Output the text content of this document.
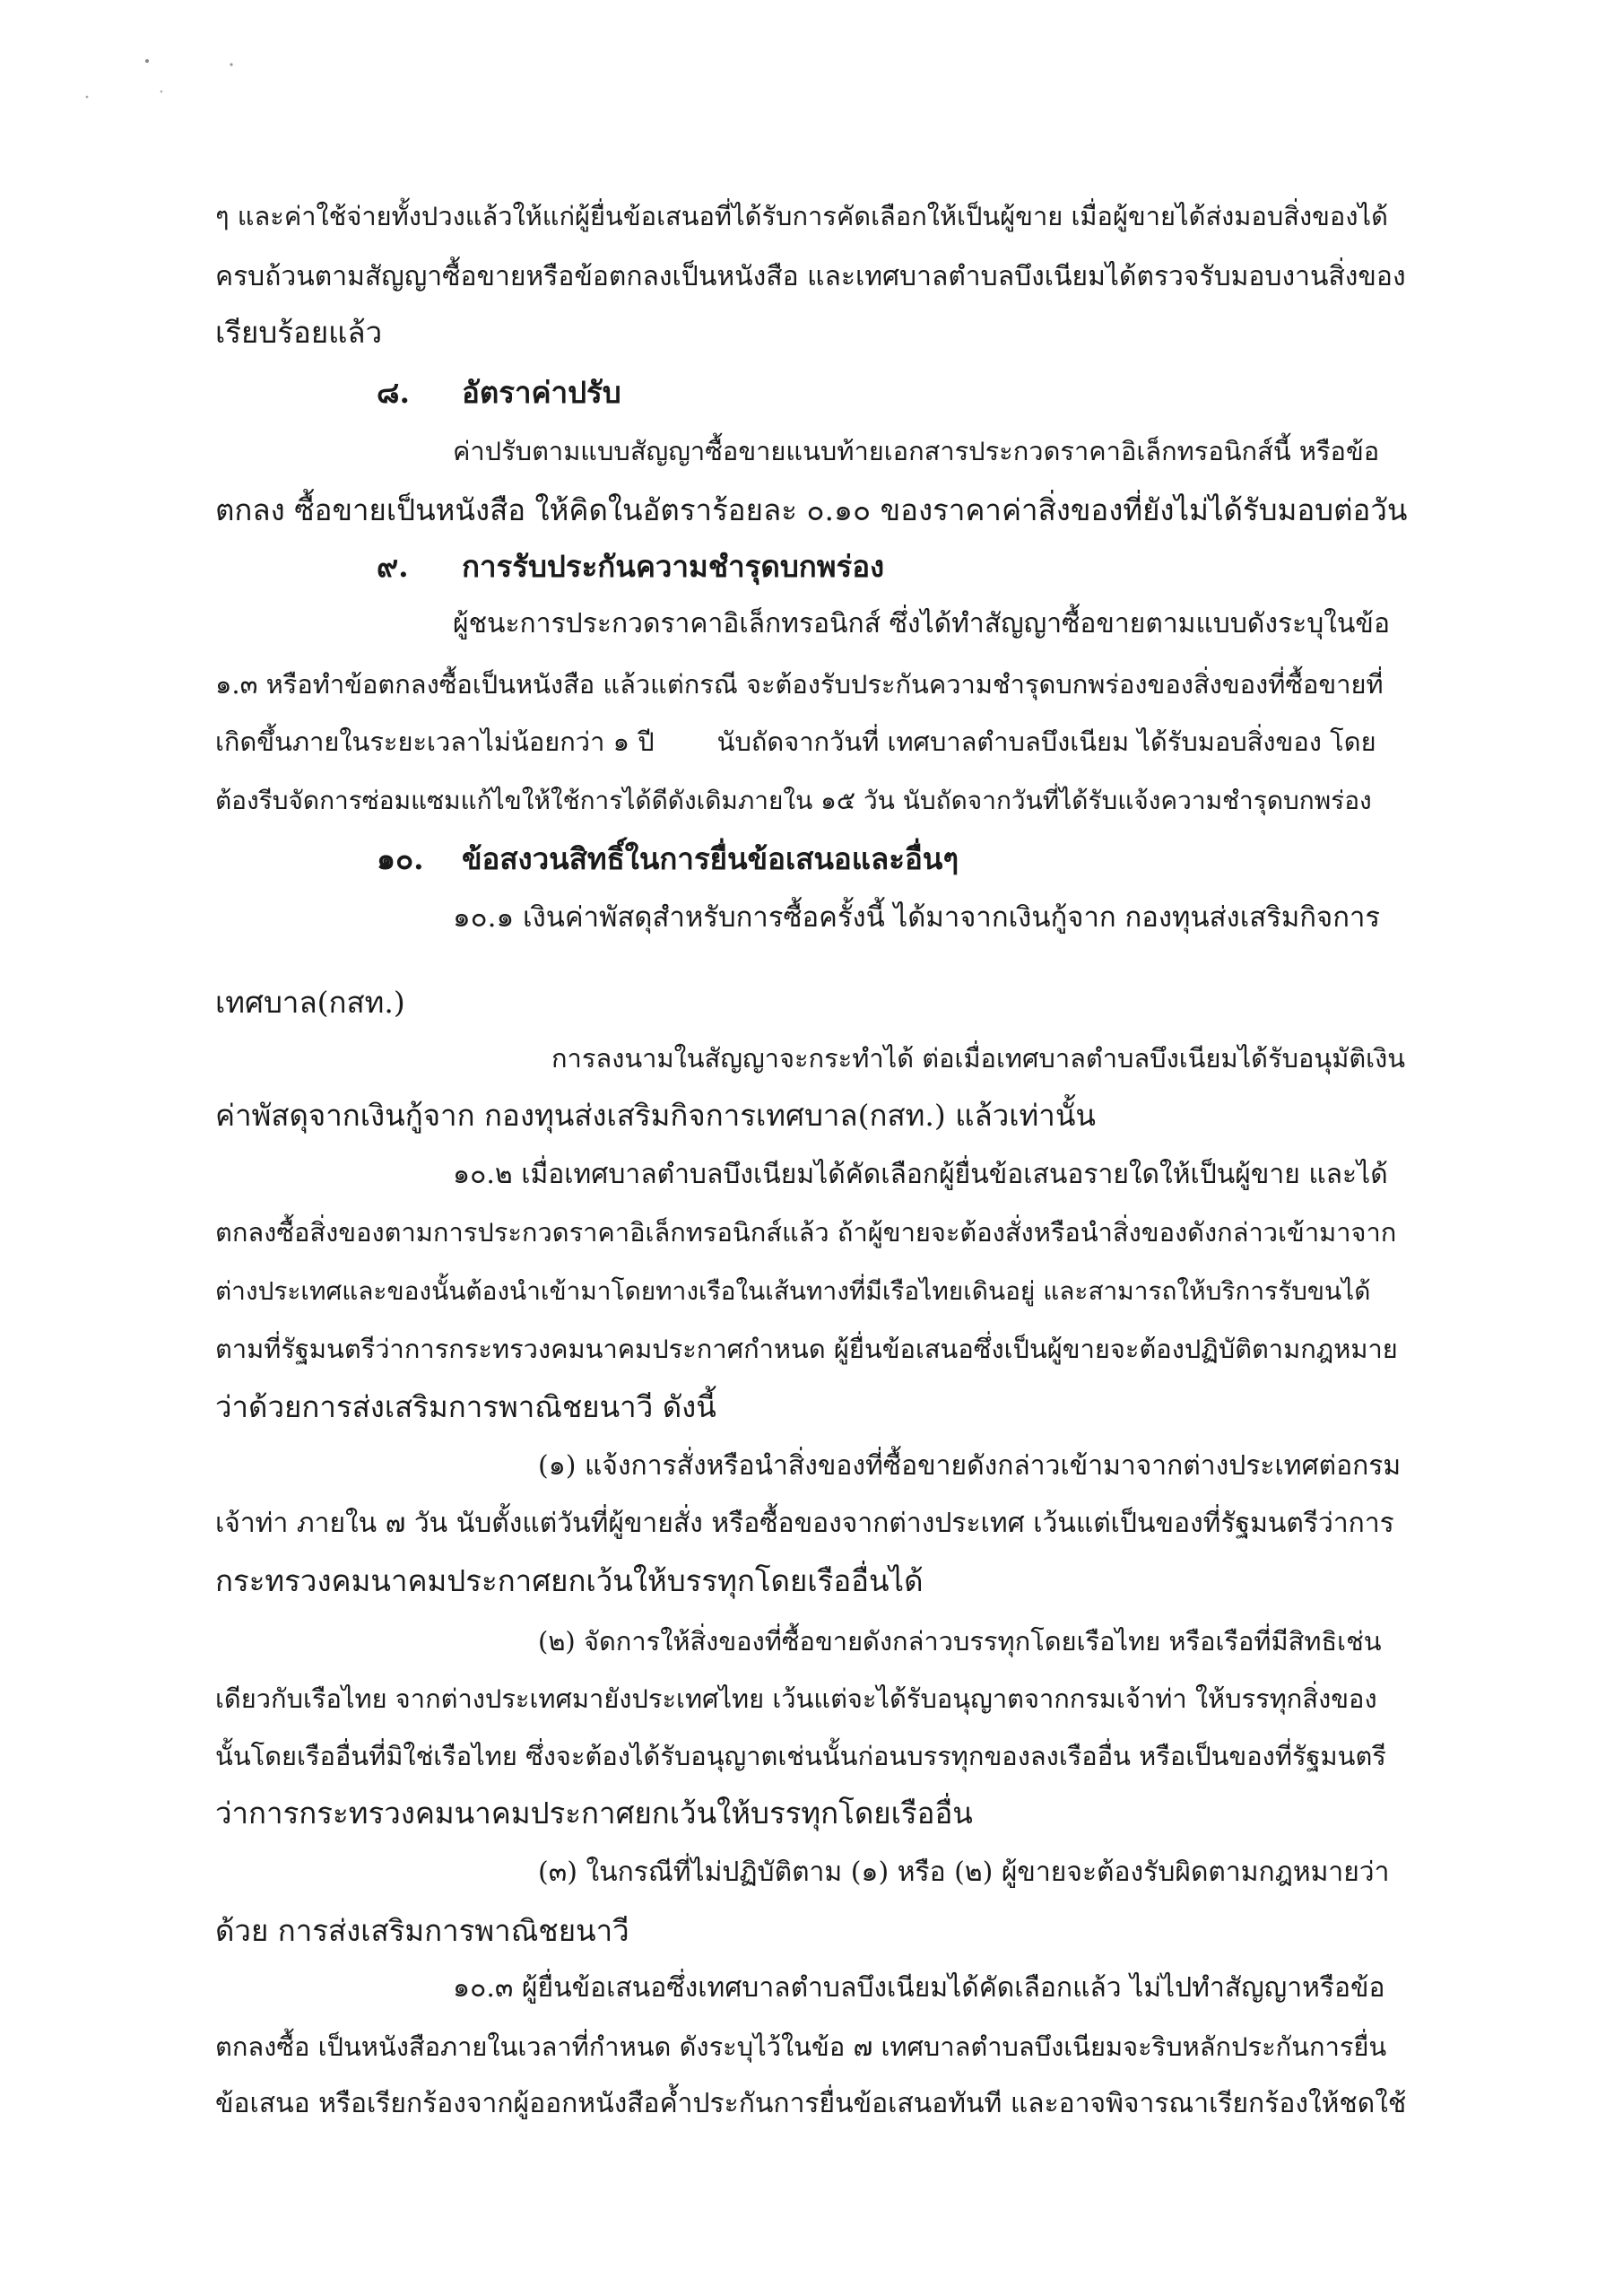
ๆ และค่าใช้จ่ายทั้งปวงแล้วให้แก่ผู้ยื่นข้อเสนอที่ได้รับการคัดเลือกให้เป็นผู้ขาย เมื่อผู้ขายได้ส่งมอบสิ่งของได้
ครบถ้วนตามสัญญาซื้อขายหรือข้อตกลงเป็นหนังสือ และเทศบาลตำบลบึงเนียมได้ตรวจรับมอบงานสิ่งของ
เรียบร้อยแล้ว
๘. อัตราค่าปรับ
ค่าปรับตามแบบสัญญาซื้อขายแนบท้ายเอกสารประกวดราคาอิเล็กทรอนิกส์นี้ หรือข้อ
ตกลง ซื้อขายเป็นหนังสือ ให้คิดในอัตราร้อยละ ๐.๑๐ ของราคาค่าสิ่งของที่ยังไม่ได้รับมอบต่อวัน
๙. การรับประกันความชำรุดบกพร่อง
ผู้ชนะการประกวดราคาอิเล็กทรอนิกส์ ซึ่งได้ทำสัญญาซื้อขายตามแบบดังระบุในข้อ
๑.๓ หรือทำข้อตกลงซื้อเป็นหนังสือ แล้วแต่กรณี จะต้องรับประกันความชำรุดบกพร่องของสิ่งของที่ซื้อขายที่
เกิดขึ้นภายในระยะเวลาไม่น้อยกว่า ๑ ปี นับถัดจากวันที่ เทศบาลตำบลบึงเนียม ได้รับมอบสิ่งของ โดย
ต้องรีบจัดการซ่อมแซมแก้ไขให้ใช้การได้ดีดังเดิมภายใน ๑๕ วัน นับถัดจากวันที่ได้รับแจ้งความชำรุดบกพร่อง
๑๐. ข้อสงวนสิทธิ์ในการยื่นข้อเสนอและอื่นๆ
๑๐.๑ เงินค่าพัสดุสำหรับการซื้อครั้งนี้ ได้มาจากเงินกู้จาก กองทุนส่งเสริมกิจการ
เทศบาล(กสท.)
การลงนามในสัญญาจะกระทำได้ ต่อเมื่อเทศบาลตำบลบึงเนียมได้รับอนุมัติเงิน
ค่าพัสดุจากเงินกู้จาก กองทุนส่งเสริมกิจการเทศบาล(กสท.) แล้วเท่านั้น
๑๐.๒ เมื่อเทศบาลตำบลบึงเนียมได้คัดเลือกผู้ยื่นข้อเสนอรายใดให้เป็นผู้ขาย และได้
ตกลงซื้อสิ่งของตามการประกวดราคาอิเล็กทรอนิกส์แล้ว ถ้าผู้ขายจะต้องสั่งหรือนำสิ่งของดังกล่าวเข้ามาจาก
ต่างประเทศและของนั้นต้องนำเข้ามาโดยทางเรือในเส้นทางที่มีเรือไทยเดินอยู่ และสามารถให้บริการรับขนได้
ตามที่รัฐมนตรีว่าการกระทรวงคมนาคมประกาศกำหนด ผู้ยื่นข้อเสนอซึ่งเป็นผู้ขายจะต้องปฏิบัติตามกฎหมาย
ว่าด้วยการส่งเสริมการพาณิชยนาวี ดังนี้
(๑) แจ้งการสั่งหรือนำสิ่งของที่ซื้อขายดังกล่าวเข้ามาจากต่างประเทศต่อกรม
เจ้าท่า ภายใน ๗ วัน นับตั้งแต่วันที่ผู้ขายสั่ง หรือซื้อของจากต่างประเทศ เว้นแต่เป็นของที่รัฐมนตรีว่าการ
กระทรวงคมนาคมประกาศยกเว้นให้บรรทุกโดยเรืออื่นได้
(๒) จัดการให้สิ่งของที่ซื้อขายดังกล่าวบรรทุกโดยเรือไทย หรือเรือที่มีสิทธิเช่น
เดียวกับเรือไทย จากต่างประเทศมายังประเทศไทย เว้นแต่จะได้รับอนุญาตจากกรมเจ้าท่า ให้บรรทุกสิ่งของ
นั้นโดยเรืออื่นที่มิใช่เรือไทย ซึ่งจะต้องได้รับอนุญาตเช่นนั้นก่อนบรรทุกของลงเรืออื่น หรือเป็นของที่รัฐมนตรี
ว่าการกระทรวงคมนาคมประกาศยกเว้นให้บรรทุกโดยเรืออื่น
(๓) ในกรณีที่ไม่ปฏิบัติตาม (๑) หรือ (๒) ผู้ขายจะต้องรับผิดตามกฎหมายว่า
ด้วย การส่งเสริมการพาณิชยนาวี
๑๐.๓ ผู้ยื่นข้อเสนอซึ่งเทศบาลตำบลบึงเนียมได้คัดเลือกแล้ว ไม่ไปทำสัญญาหรือข้อ
ตกลงซื้อ เป็นหนังสือภายในเวลาที่กำหนด ดังระบุไว้ในข้อ ๗ เทศบาลตำบลบึงเนียมจะริบหลักประกันการยื่น
ข้อเสนอ หรือเรียกร้องจากผู้ออกหนังสือค้ำประกันการยื่นข้อเสนอทันที และอาจพิจารณาเรียกร้องให้ชดใช้
